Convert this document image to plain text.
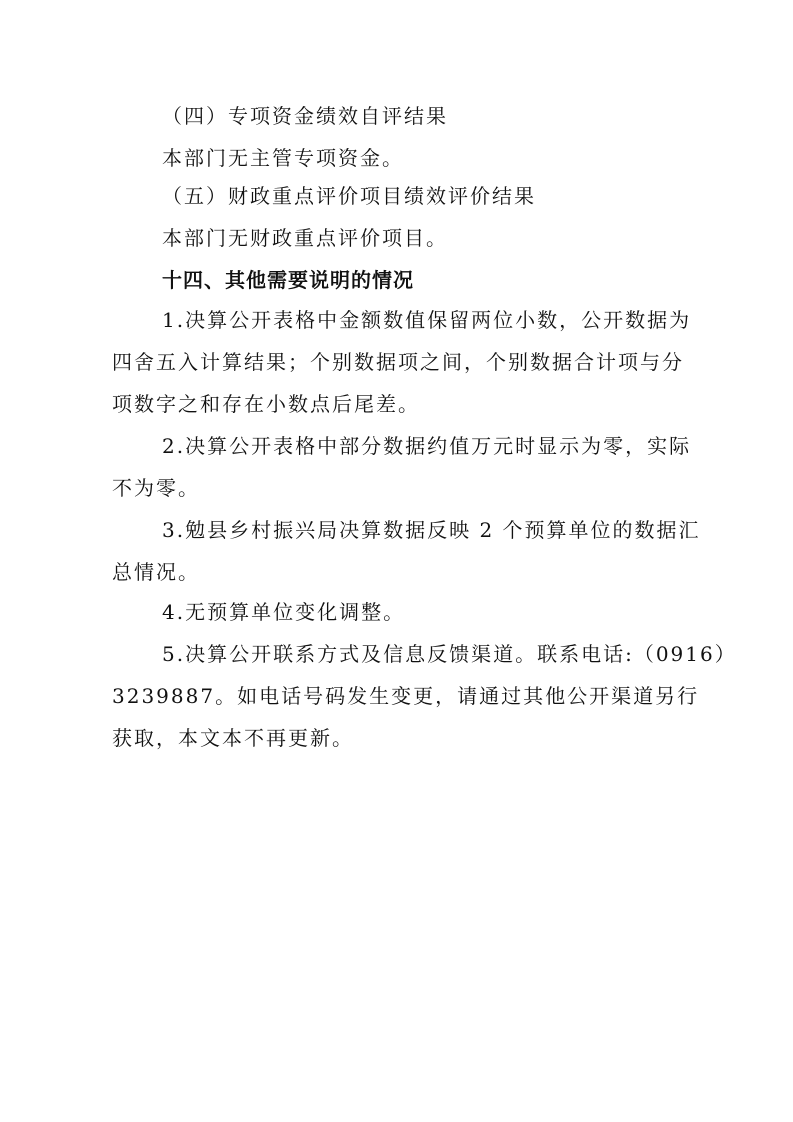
（四）专项资金绩效自评结果
本部门无主管专项资金。
（五）财政重点评价项目绩效评价结果
本部门无财政重点评价项目。
十四、其他需要说明的情况
1.决算公开表格中金额数值保留两位小数，公开数据为
四舍五入计算结果；个别数据项之间，个别数据合计项与分
项数字之和存在小数点后尾差。
2.决算公开表格中部分数据约值万元时显示为零，实际
不为零。
3.勉县乡村振兴局决算数据反映 2 个预算单位的数据汇
总情况。
4.无预算单位变化调整。
5.决算公开联系方式及信息反馈渠道。联系电话:（0916）
3239887。如电话号码发生变更，请通过其他公开渠道另行
获取，本文本不再更新。
